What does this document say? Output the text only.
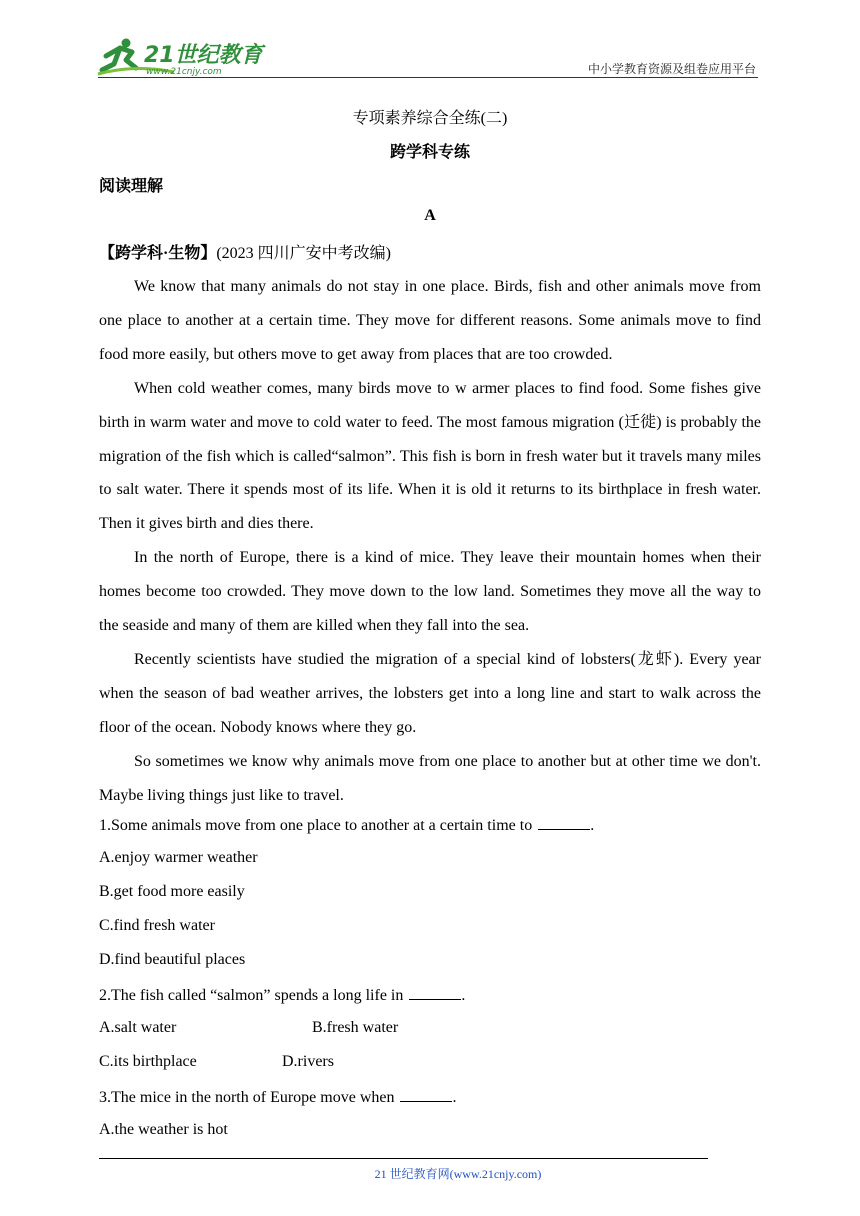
21世纪教育
www.21cnjy.com	中小学教育资源及组卷应用平台
专项素养综合全练(二)
跨学科专练
阅读理解
A
【跨学科·生物】(2023 四川广安中考改编)

We know that many animals do not stay in one place. Birds, fish and other animals move from one place to another at a certain time. They move for different reasons. Some animals move to find food more easily, but others move to get away from places that are too crowded.

When cold weather comes, many birds move to w armer places to find food. Some fishes give birth in warm water and move to cold water to feed. The most famous migration (迁徙) is probably the migration of the fish which is called“salmon”. This fish is born in fresh water but it travels many miles to salt water. There it spends most of its life. When it is old it returns to its birthplace in fresh water. Then it gives birth and dies there.

In the north of Europe, there is a kind of mice. They leave their mountain homes when their homes become too crowded. They move down to the low land. Sometimes they move all the way to the seaside and many of them are killed when they fall into the sea.

Recently scientists have studied the migration of a special kind of lobsters(龙虾). Every year when the season of bad weather arrives, the lobsters get into a long line and start to walk across the floor of the ocean. Nobody knows where they go.

So sometimes we know why animals move from one place to another but at other time we don't. Maybe living things just like to travel.

1.Some animals move from one place to another at a certain time to	.
A.enjoy warmer weather
B.get food more easily
C.find fresh water
D.find beautiful places
2.The fish called “salmon” spends a long life in	.
A.salt water	B.fresh water
C.its birthplace	D.rivers
3.The mice in the north of Europe move when	.
A.the weather is hot
21 世纪教育网(www.21cnjy.com)
